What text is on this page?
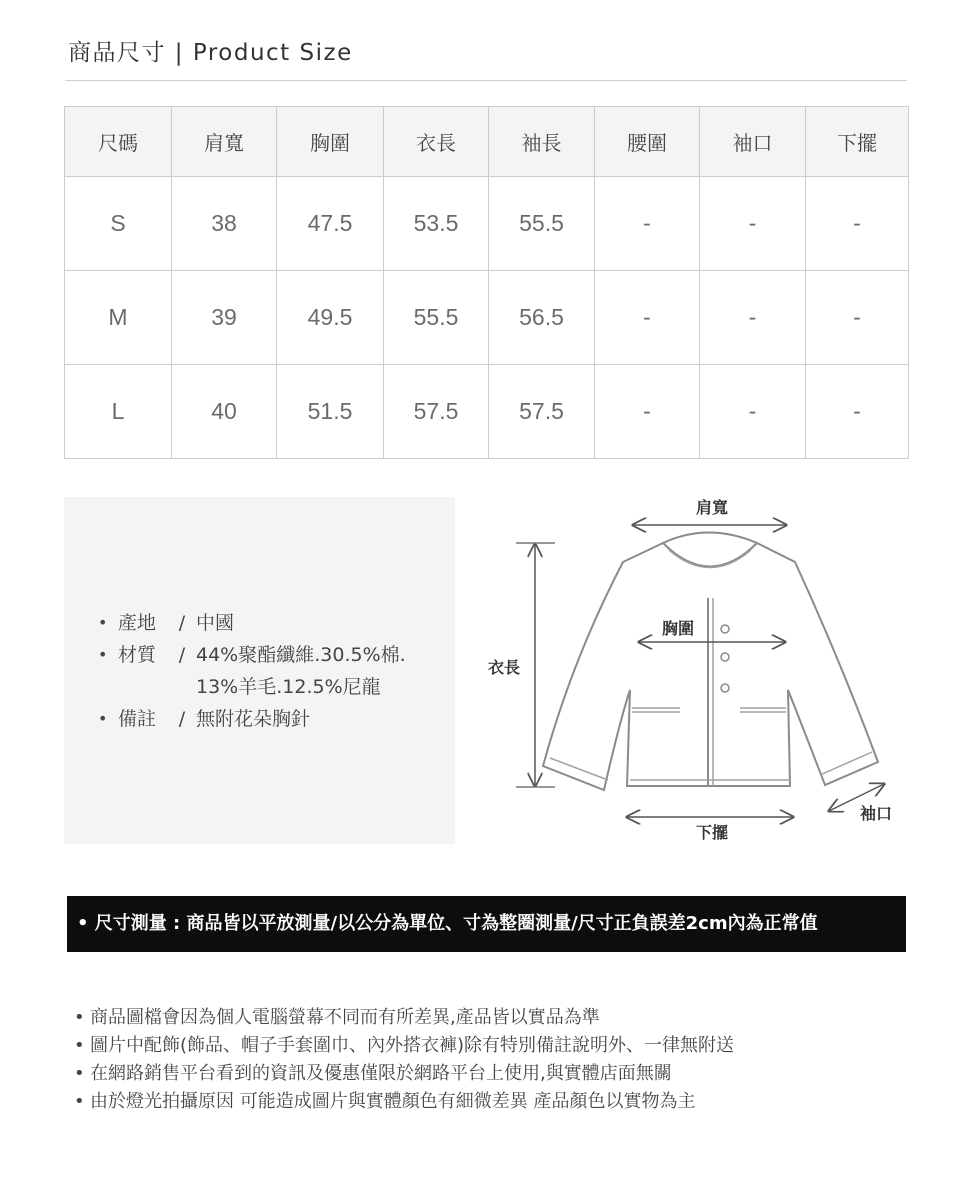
商品尺寸 | Product Size
尺碼	肩寬	胸圍	衣長	袖長	腰圍	袖口	下擺
S	38	47.5	53.5	55.5	-	-	-
M	39	49.5	55.5	56.5	-	-	-
L	40	51.5	57.5	57.5	-	-	-
• 產地	/ 中國
• 材質	/ 44%聚酯纖維.30.5%棉.
13%羊毛.12.5%尼龍
• 備註	/ 無附花朵胸針
肩寬
胸圍
衣長
下擺
袖口
• 尺寸測量 : 商品皆以平放測量/以公分為單位、寸為整圈測量/尺寸正負誤差2cm內為正常值
• 商品圖檔會因為個人電腦螢幕不同而有所差異,產品皆以實品為準
• 圖片中配飾(飾品、帽子手套圍巾、內外搭衣褲)除有特別備註說明外、一律無附送
• 在網路銷售平台看到的資訊及優惠僅限於網路平台上使用,與實體店面無關
• 由於燈光拍攝原因 可能造成圖片與實體顏色有細微差異 產品顏色以實物為主
